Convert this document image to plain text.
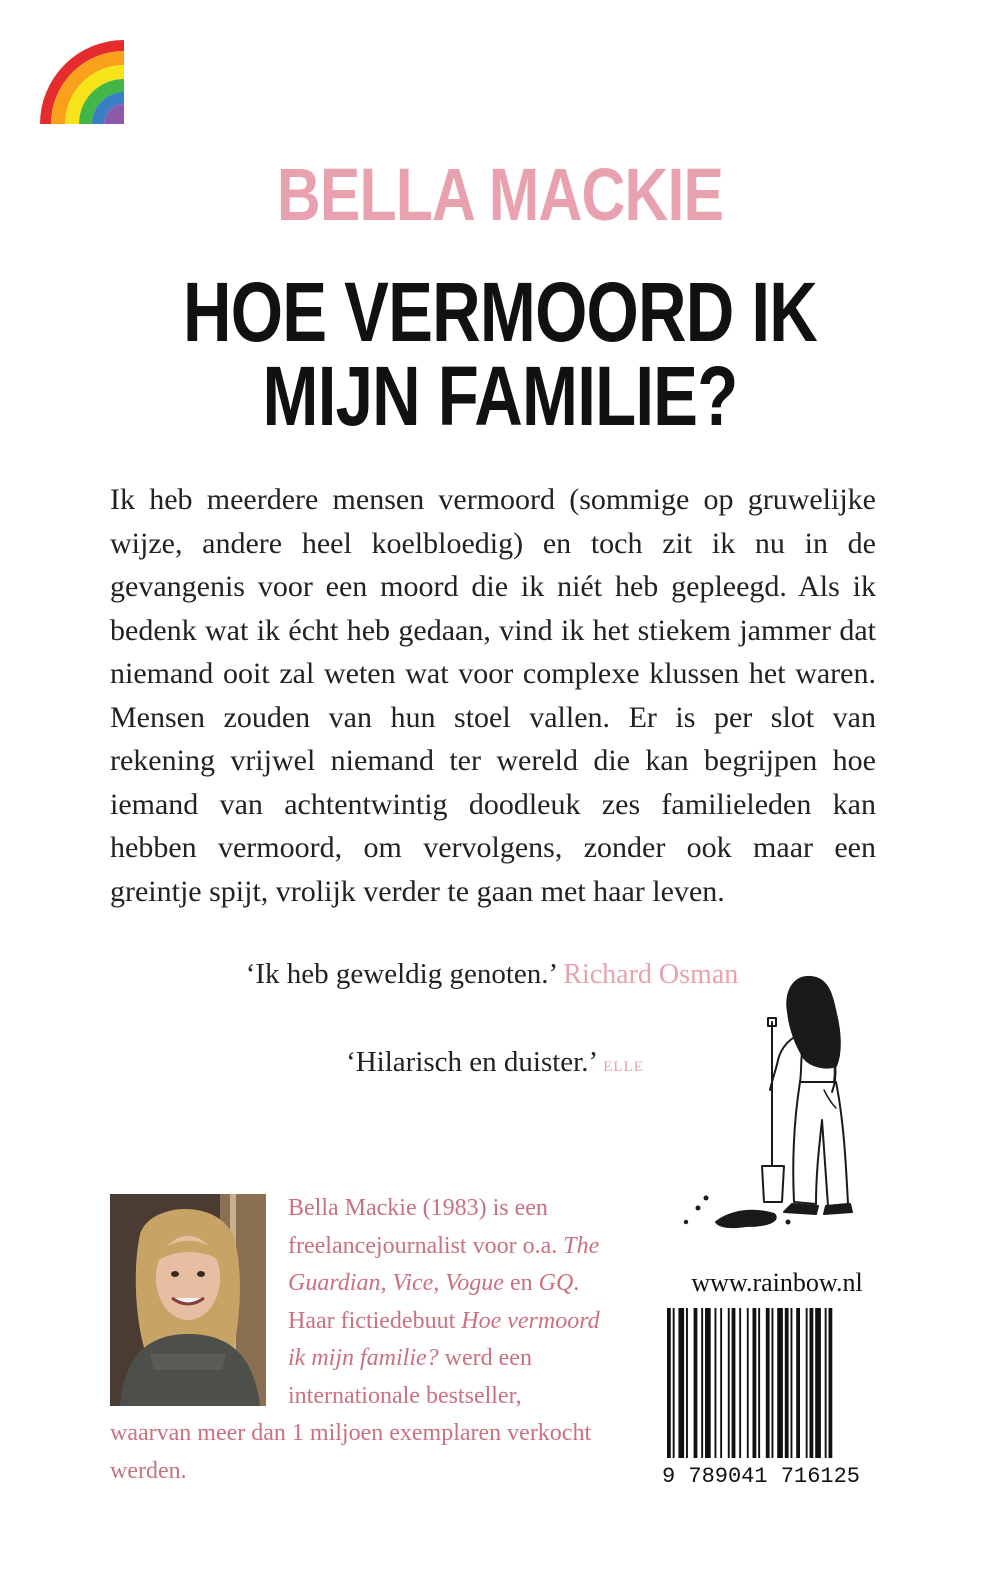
BELLA MACKIE
HOE VERMOORD IK
MIJN FAMILIE?

Ik heb meerdere mensen vermoord (sommige op gruwelijke wijze, andere heel koelbloedig) en toch zit ik nu in de gevangenis voor een moord die ik niét heb gepleegd. Als ik bedenk wat ik écht heb gedaan, vind ik het stiekem jammer dat niemand ooit zal weten wat voor complexe klussen het waren. Mensen zouden van hun stoel vallen. Er is per slot van rekening vrijwel niemand ter wereld die kan begrijpen hoe iemand van achtentwintig doodleuk zes familieleden kan hebben vermoord, om vervolgens, zonder ook maar een greintje spijt, vrolijk verder te gaan met haar leven.

‘Ik heb geweldig genoten.’ Richard Osman
‘Hilarisch en duister.’ ELLE
Bella Mackie (1983) is een freelancejournalist voor o.a. The Guardian, Vice, Vogue en GQ. Haar fictiedebuut Hoe vermoord ik mijn familie? werd een internationale bestseller, waarvan meer dan 1 miljoen exemplaren verkocht werden.
www.rainbow.nl
9 789041 716125
